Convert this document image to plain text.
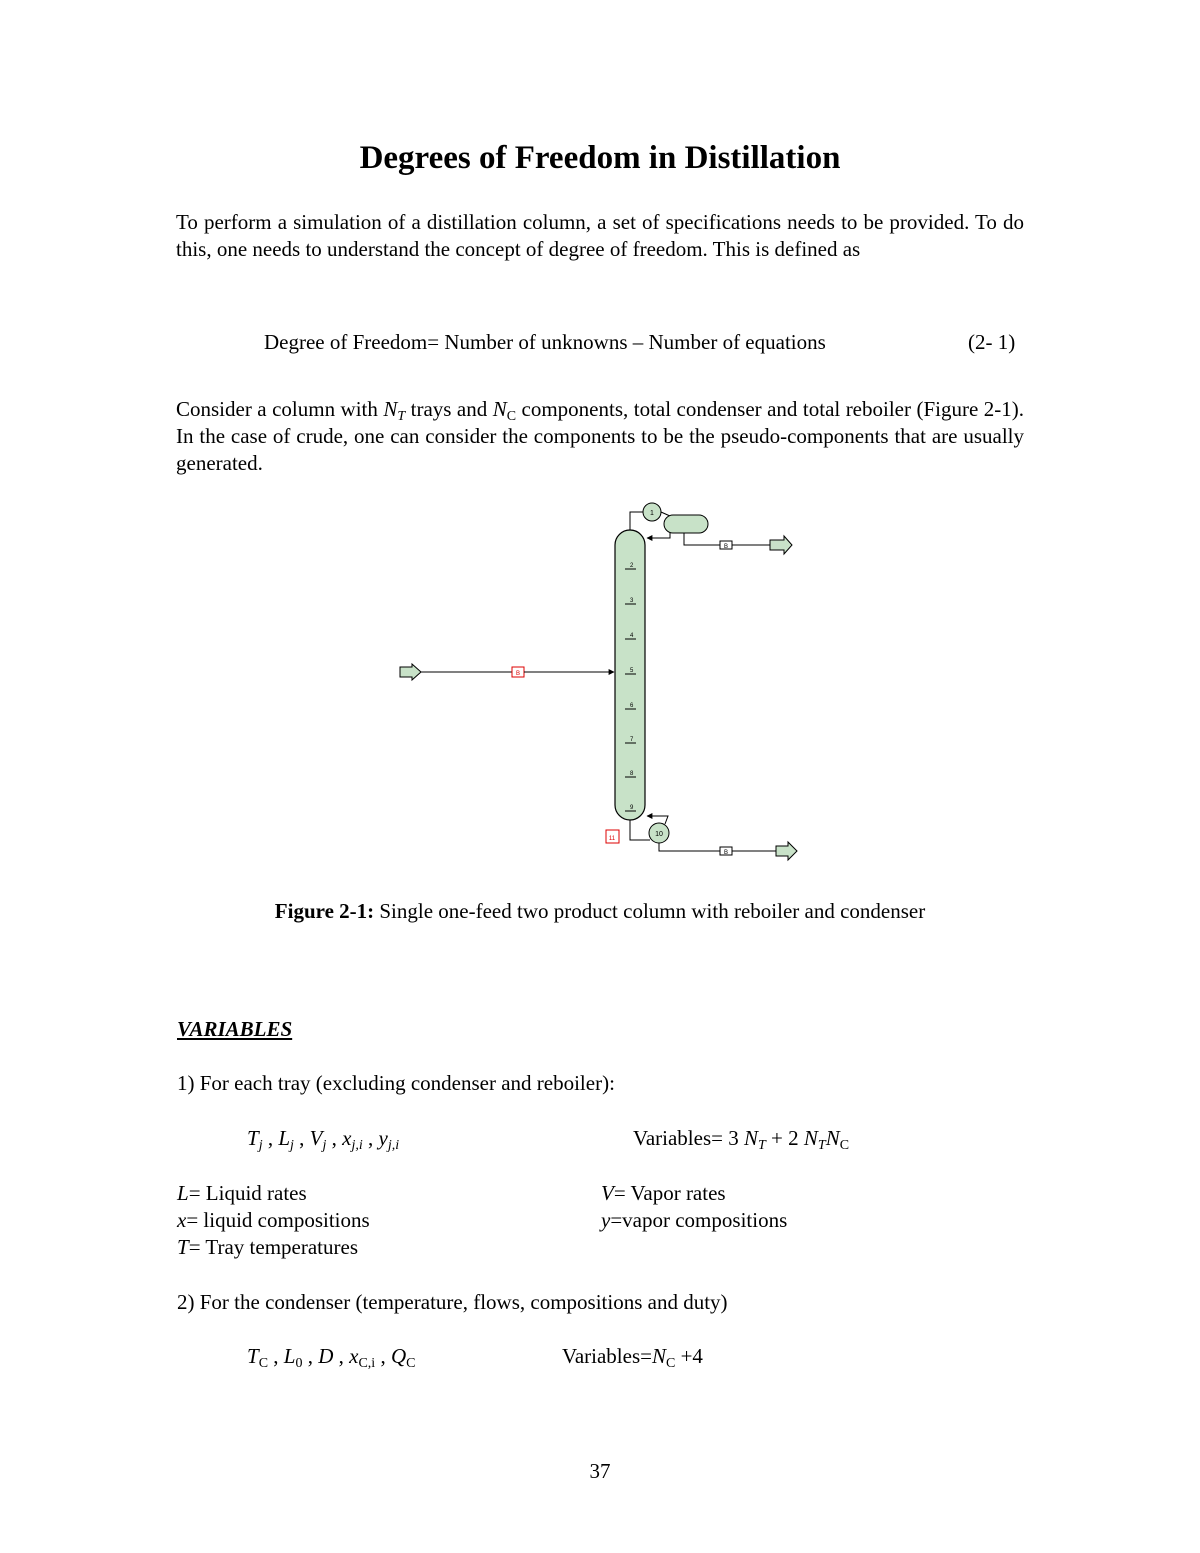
Degrees of Freedom in Distillation

To perform a simulation of a distillation column, a set of specifications needs to be provided. To do this, one needs to understand the concept of degree of freedom. This is defined as

Degree of Freedom= Number of unknowns – Number of equations	(2- 1)

Consider a column with $N_T$ trays and $N_C$ components, total condenser and total reboiler (Figure 2-1). In the case of crude, one can consider the components to be the pseudo-components that are usually generated.

2
3
4
5
6
7
8
9
1
B
B
10
11
B

Figure 2-1: Single one-feed two product column with reboiler and condenser

VARIABLES

1) For each tray (excluding condenser and reboiler):

$T_j$ , $L_j$ , $V_j$ , $x_{j,i}$ , $y_{j,i}$	Variables= 3 $N_T + 2$ $N_TN_C$

L= Liquid rates	V= Vapor rates

x= liquid compositions	y=vapor compositions

T= Tray temperatures

2) For the condenser (temperature, flows, compositions and duty)

$T_C$ , $L_0$ , D , $x_{C,i}$ , $Q_C$	$Variables=N_C +4$

37
